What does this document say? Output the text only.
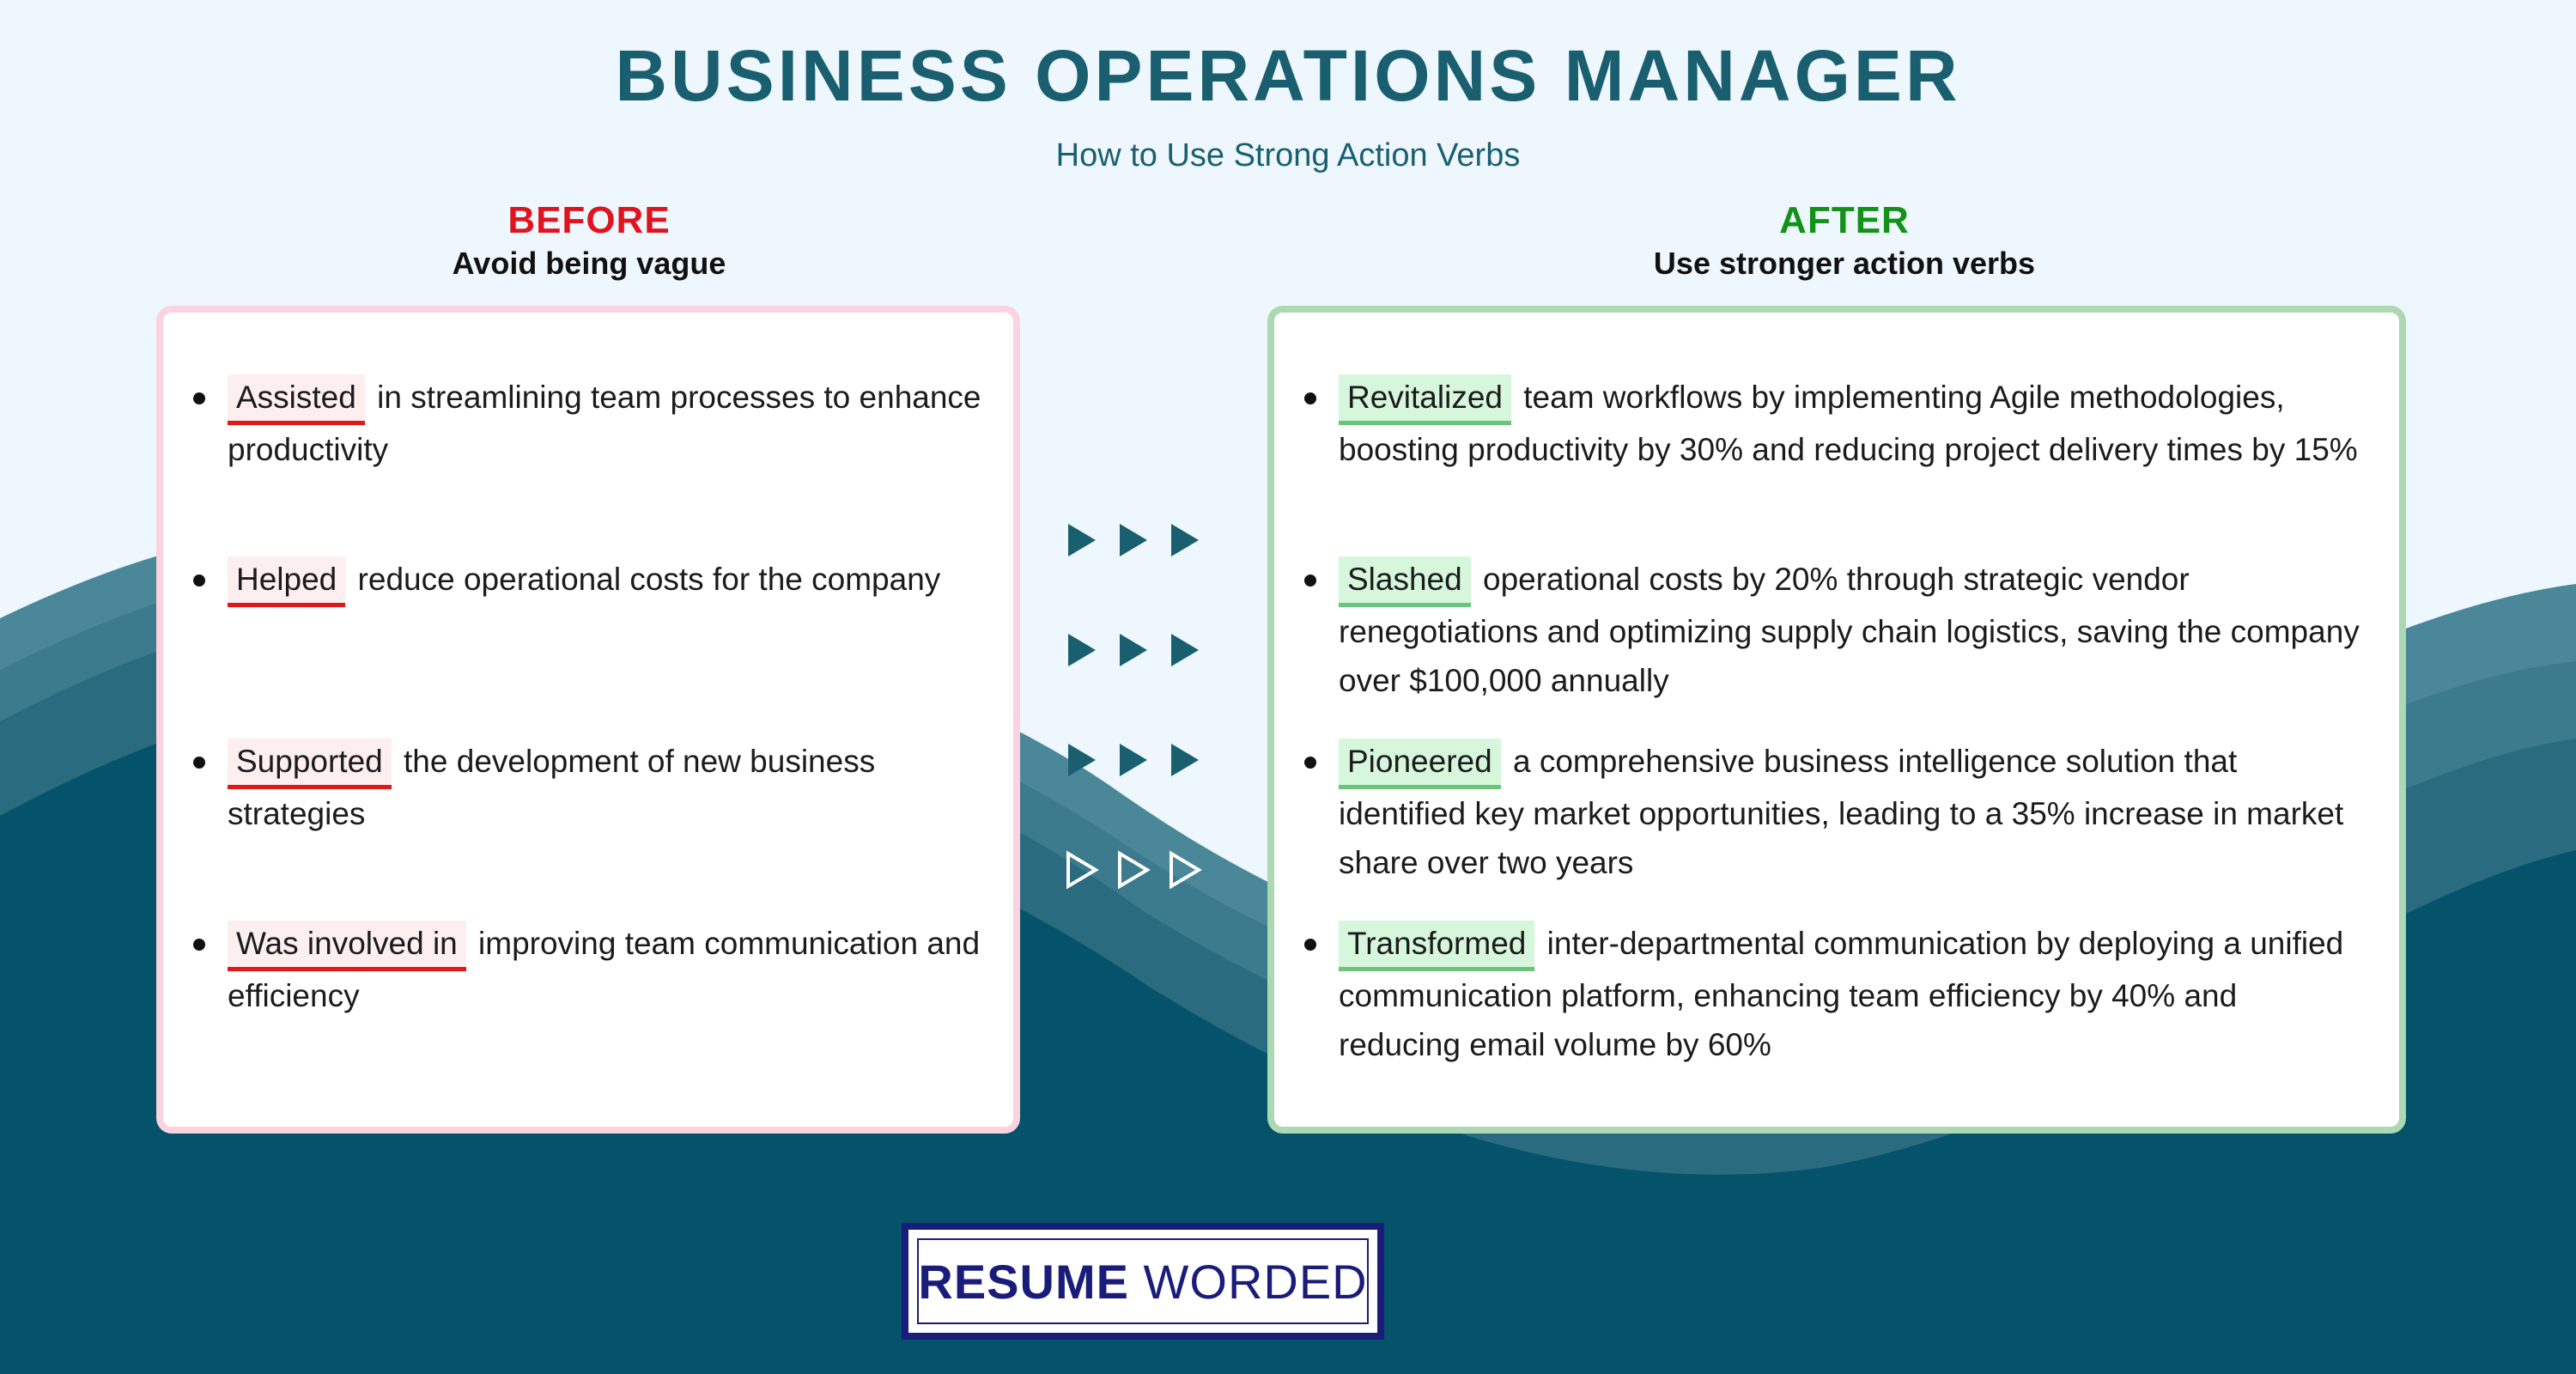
BUSINESS OPERATIONS MANAGER
How to Use Strong Action Verbs
BEFORE
Avoid being vague
AFTER
Use stronger action verbs
Assisted in streamlining team processes to enhance productivity
Helped reduce operational costs for the company
Supported the development of new business strategies
Was involved in improving team communication and efficiency
Revitalized team workflows by implementing Agile methodologies, boosting productivity by 30% and reducing project delivery times by 15%
Slashed operational costs by 20% through strategic vendor renegotiations and optimizing supply chain logistics, saving the company over $100,000 annually
Pioneered a comprehensive business intelligence solution that identified key market opportunities, leading to a 35% increase in market share over two years
Transformed inter-departmental communication by deploying a unified communication platform, enhancing team efficiency by 40% and reducing email volume by 60%
RESUME WORDED
